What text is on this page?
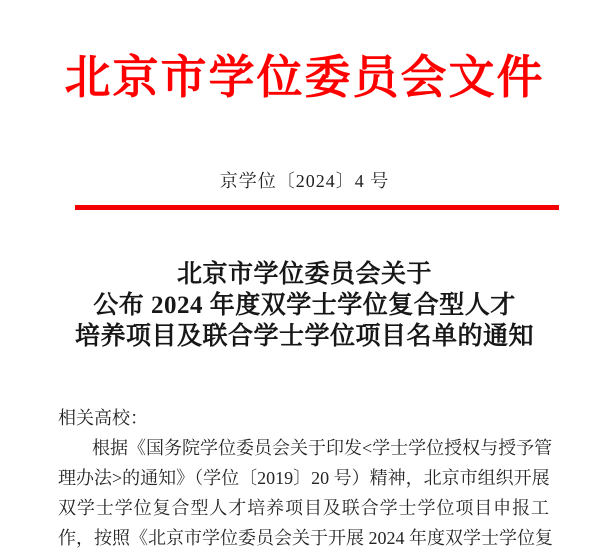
北京市学位委员会文件
京学位〔2024〕4 号
北京市学位委员会关于
公布 2024 年度双学士学位复合型人才
培养项目及联合学士学位项目名单的通知
相关高校：
根据《国务院学位委员会关于印发<学士学位授权与授予管
理办法>的通知》（学位〔2019〕20 号）精神，北京市组织开展
双学士学位复合型人才培养项目及联合学士学位项目申报工
作，按照《北京市学位委员会关于开展 2024 年度双学士学位复
